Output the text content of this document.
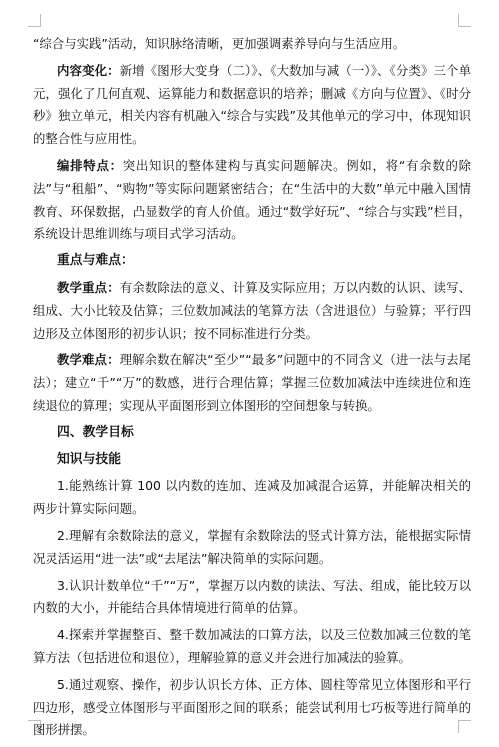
“综合与实践”活动，知识脉络清晰，更加强调素养导向与生活应用。

内容变化：新增《图形大变身（二）》、《大数加与减（一）》、《分类》三个单元，强化了几何直观、运算能力和数据意识的培养；删减《方向与位置》、《时分秒》独立单元，相关内容有机融入“综合与实践”及其他单元的学习中，体现知识的整合性与应用性。

编排特点：突出知识的整体建构与真实问题解决。例如，将“有余数的除法”与“租船”、“购物”等实际问题紧密结合；在“生活中的大数”单元中融入国情教育、环保数据，凸显数学的育人价值。通过“数学好玩”、“综合与实践”栏目，系统设计思维训练与项目式学习活动。

重点与难点：

教学重点：有余数除法的意义、计算及实际应用；万以内数的认识、读写、组成、大小比较及估算；三位数加减法的笔算方法（含进退位）与验算；平行四边形及立体图形的初步认识；按不同标准进行分类。

教学难点：理解余数在解决“至少”“最多”问题中的不同含义（进一法与去尾法）；建立“千”“万”的数感，进行合理估算；掌握三位数加减法中连续进位和连续退位的算理；实现从平面图形到立体图形的空间想象与转换。

四、教学目标

知识与技能

1.能熟练计算 100 以内数的连加、连减及加减混合运算，并能解决相关的两步计算实际问题。

2.理解有余数除法的意义，掌握有余数除法的竖式计算方法，能根据实际情况灵活运用“进一法”或“去尾法”解决简单的实际问题。

3.认识计数单位“千”“万”，掌握万以内数的读法、写法、组成，能比较万以内数的大小，并能结合具体情境进行简单的估算。

4.探索并掌握整百、整千数加减法的口算方法，以及三位数加减三位数的笔算方法（包括进位和退位），理解验算的意义并会进行加减法的验算。

5.通过观察、操作，初步认识长方体、正方体、圆柱等常见立体图形和平行四边形，感受立体图形与平面图形之间的联系；能尝试利用七巧板等进行简单的图形拼摆。
